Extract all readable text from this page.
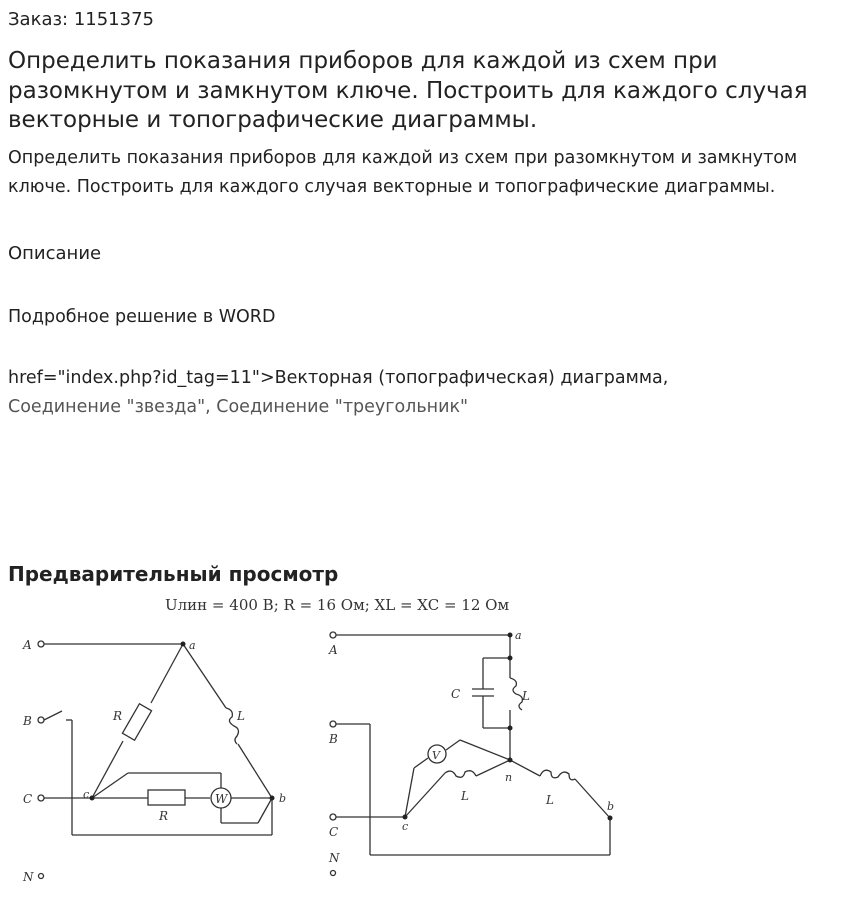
Заказ: 1151375
Определить показания приборов для каждой из схем при разомкнутом и замкнутом ключе. Построить для каждого случая векторные и топографические диаграммы.

Определить показания приборов для каждой из схем при разомкнутом и замкнутом ключе. Построить для каждого случая векторные и топографические диаграммы.

Описание
Подробное решение в WORD
href="index.php?id_tag=11">Векторная (топографическая) диаграмма,
Соединение "звезда", Соединение "треугольник"
Предварительный просмотр
Uлин = 400 В; R = 16 Ом; XL = XC = 12 Ом
A
B
C
N
a
b
c
R	L
R
W
A
B
C
N
a
b
c
n
C	L
L	L
V
